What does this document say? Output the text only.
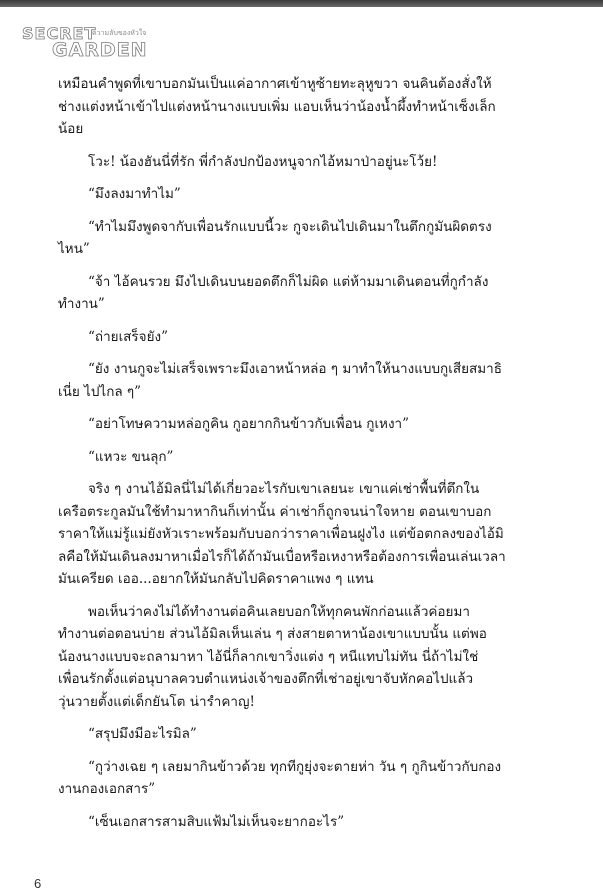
SECRET
ความลับของหัวใจ
GARDEN

เหมือนคำพูดที่เขาบอกมันเป็นแค่อากาศเข้าหูซ้ายทะลุหูขวา จนคินต้องสั่งให้ช่างแต่งหน้าเข้าไปแต่งหน้านางแบบเพิ่ม แอบเห็นว่าน้องน้ำผึ้งทำหน้าเซ็งเล็กน้อย

โวะ! น้องฮันนี่ที่รัก พี่กำลังปกป้องหนูจากไอ้หมาป่าอยู่นะโว้ย!

“มึงลงมาทำไม”

“ทำไมมึงพูดจากับเพื่อนรักแบบนี้วะ กูจะเดินไปเดินมาในตึกกูมันผิดตรงไหน”

“จ้า ไอ้คนรวย มึงไปเดินบนยอดตึกก็ไม่ผิด แต่ห้ามมาเดินตอนที่กูกำลังทำงาน”

“ถ่ายเสร็จยัง”

“ยัง งานกูจะไม่เสร็จเพราะมึงเอาหน้าหล่อ ๆ มาทำให้นางแบบกูเสียสมาธิเนี่ย ไปไกล ๆ”

“อย่าโทษความหล่อกูคิน กูอยากกินข้าวกับเพื่อน กูเหงา”

“แหวะ ขนลุก”

จริง ๆ งานไอ้มิลนี่ไม่ได้เกี่ยวอะไรกับเขาเลยนะ เขาแค่เช่าพื้นที่ตึกในเครือตระกูลมันใช้ทำมาหากินก็เท่านั้น ค่าเช่าก็ถูกจนน่าใจหาย ตอนเขาบอกราคาให้แม่รู้แม่ยังหัวเราะพร้อมกับบอกว่าราคาเพื่อนฝูงไง แต่ข้อตกลงของไอ้มิลคือให้มันเดินลงมาหาเมื่อไรก็ได้ถ้ามันเบื่อหรือเหงาหรือต้องการเพื่อนเล่นเวลามันเครียด เออ...อยากให้มันกลับไปคิดราคาแพง ๆ แทน

พอเห็นว่าคงไม่ได้ทำงานต่อคินเลยบอกให้ทุกคนพักก่อนแล้วค่อยมาทำงานต่อตอนบ่าย ส่วนไอ้มิลเห็นเล่น ๆ ส่งสายตาหาน้องเขาแบบนั้น แต่พอน้องนางแบบจะถลามาหา ไอ้นี่ก็ลากเขาวิ่งแต่ง ๆ หนีแทบไม่ทัน นี่ถ้าไม่ใช่เพื่อนรักตั้งแต่อนุบาลควบตำแหน่งเจ้าของตึกที่เช่าอยู่เขาจับหักคอไปแล้ว วุ่นวายตั้งแต่เด็กยันโต น่ารำคาญ!

“สรุปมึงมีอะไรมิล”

“กูว่างเฉย ๆ เลยมากินข้าวด้วย ทุกทีกูยุ่งจะตายห่า วัน ๆ กูกินข้าวกับกองงานกองเอกสาร”

“เซ็นเอกสารสามสิบแฟ้มไม่เห็นจะยากอะไร”

6
